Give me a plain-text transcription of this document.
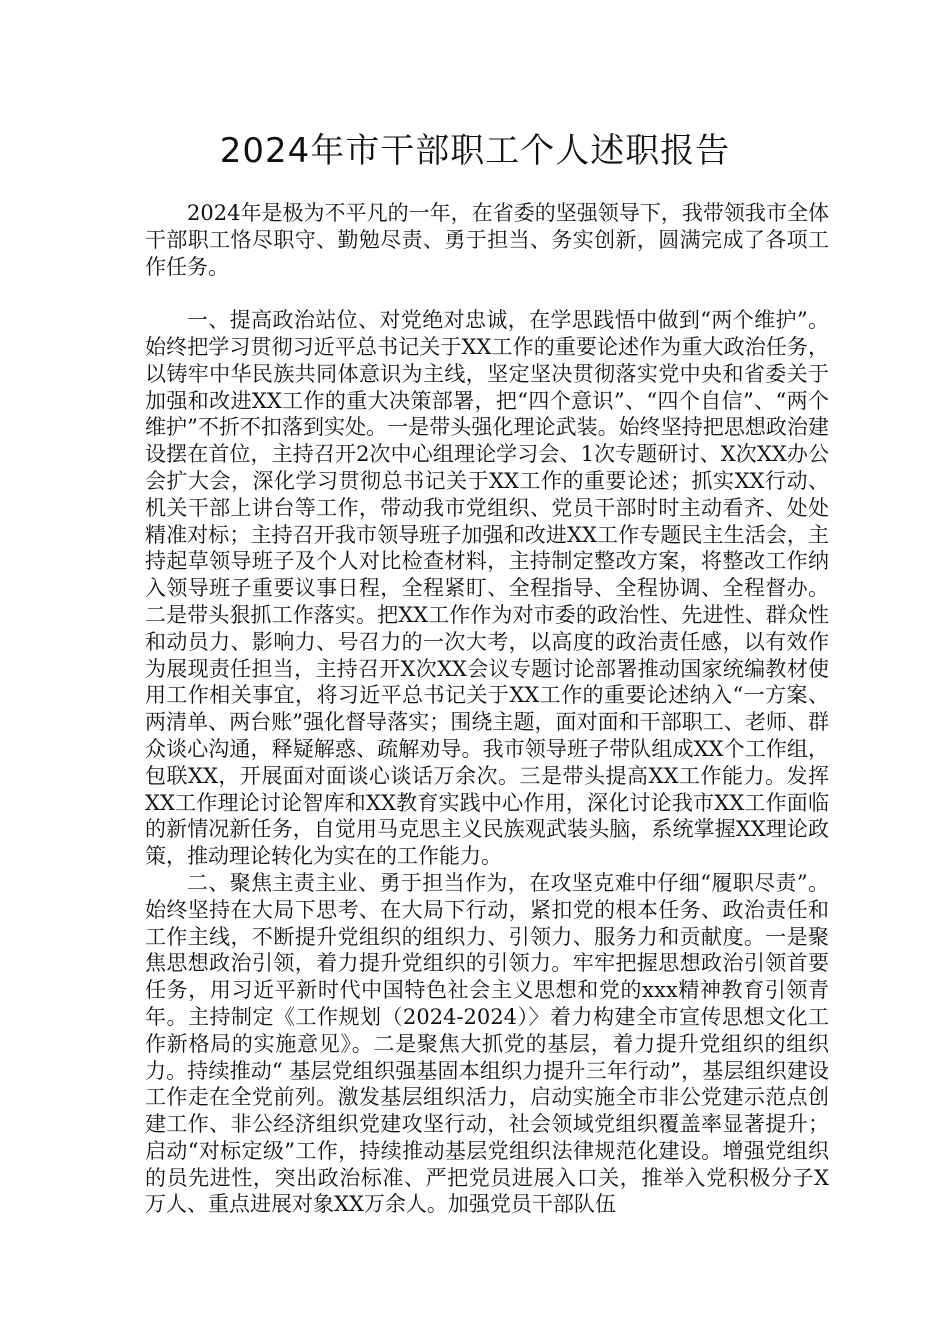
2024年市干部职工个人述职报告

2024年是极为不平凡的一年，在省委的坚强领导下，我带领我市全体干部职工恪尽职守、勤勉尽责、勇于担当、务实创新，圆满完成了各项工作任务。

一、提高政治站位、对党绝对忠诚，在学思践悟中做到“两个维护”。始终把学习贯彻习近平总书记关于XX工作的重要论述作为重大政治任务，以铸牢中华民族共同体意识为主线，坚定坚决贯彻落实党中央和省委关于加强和改进XX工作的重大决策部署，把“四个意识”、“四个自信”、“两个维护”不折不扣落到实处。一是带头强化理论武装。始终坚持把思想政治建设摆在首位，主持召开2次中心组理论学习会、1次专题研讨、X次XX办公会扩大会，深化学习贯彻总书记关于XX工作的重要论述；抓实XX行动、机关干部上讲台等工作，带动我市党组织、党员干部时时主动看齐、处处精准对标；主持召开我市领导班子加强和改进XX工作专题民主生活会，主持起草领导班子及个人对比检查材料，主持制定整改方案，将整改工作纳入领导班子重要议事日程，全程紧盯、全程指导、全程协调、全程督办。二是带头狠抓工作落实。把XX工作作为对市委的政治性、先进性、群众性和动员力、影响力、号召力的一次大考，以高度的政治责任感，以有效作为展现责任担当，主持召开X次XX会议专题讨论部署推动国家统编教材使用工作相关事宜，将习近平总书记关于XX工作的重要论述纳入“一方案、两清单、两台账”强化督导落实；围绕主题，面对面和干部职工、老师、群众谈心沟通，释疑解惑、疏解劝导。我市领导班子带队组成XX个工作组，包联XX，开展面对面谈心谈话万余次。三是带头提高XX工作能力。发挥XX工作理论讨论智库和XX教育实践中心作用，深化讨论我市XX工作面临的新情况新任务，自觉用马克思主义民族观武装头脑，系统掌握XX理论政策，推动理论转化为实在的工作能力。

二、聚焦主责主业、勇于担当作为，在攻坚克难中仔细“履职尽责”。始终坚持在大局下思考、在大局下行动，紧扣党的根本任务、政治责任和工作主线，不断提升党组织的组织力、引领力、服务力和贡献度。一是聚焦思想政治引领，着力提升党组织的引领力。牢牢把握思想政治引领首要任务，用习近平新时代中国特色社会主义思想和党的xxx精神教育引领青年。主持制定《工作规划（2024-2024）〉着力构建全市宣传思想文化工作新格局的实施意见》。二是聚焦大抓党的基层，着力提升党组织的组织力。持续推动“ 基层党组织强基固本组织力提升三年行动”，基层组织建设工作走在全党前列。激发基层组织活力，启动实施全市非公党建示范点创建工作、非公经济组织党建攻坚行动，社会领域党组织覆盖率显著提升；启动“对标定级”工作，持续推动基层党组织法律规范化建设。增强党组织的员先进性，突出政治标准、严把党员进展入口关，推举入党积极分子X万人、重点进展对象XX万余人。加强党员干部队伍
